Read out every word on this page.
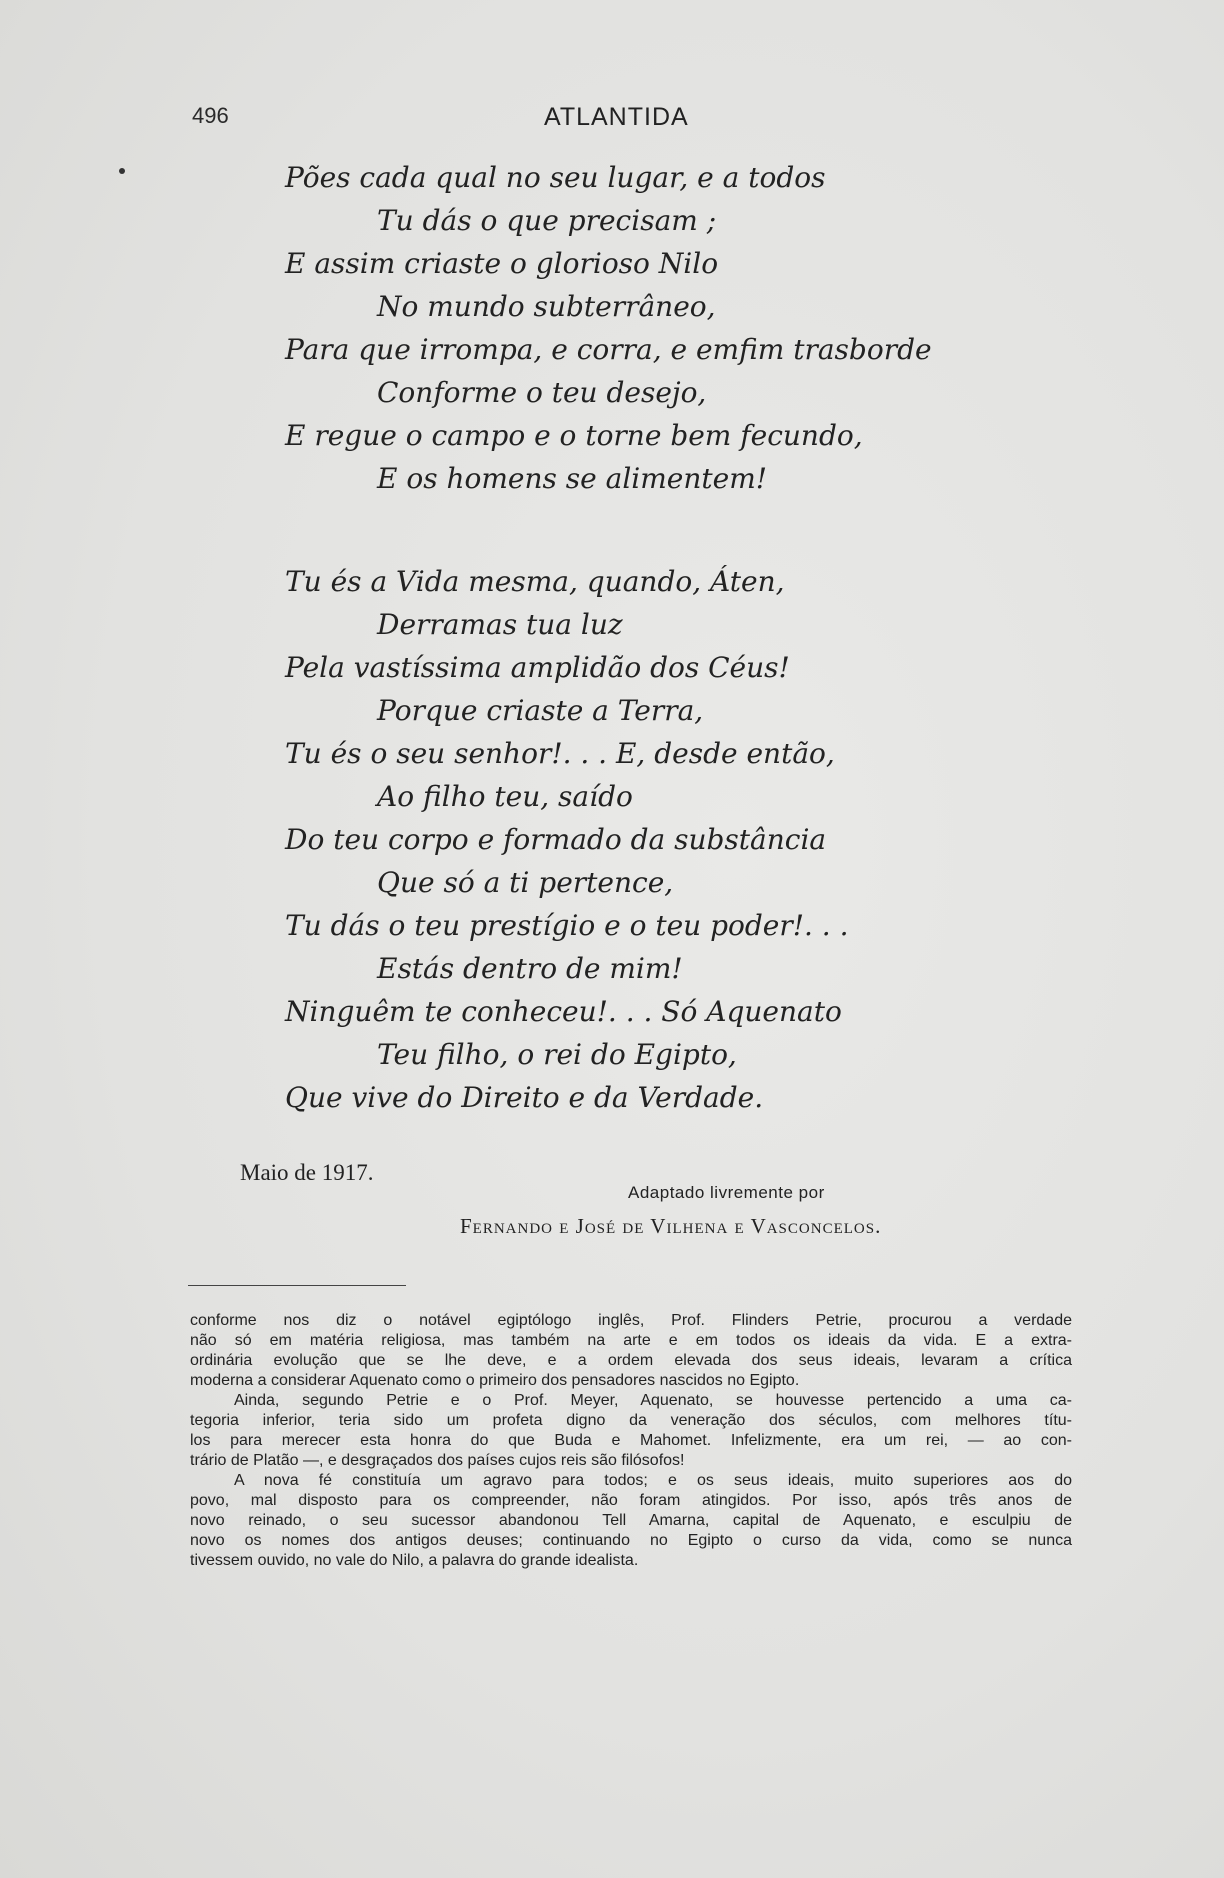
496	ATLANTIDA
Pões cada qual no seu lugar, e a todos
Tu dás o que precisam ;
E assim criaste o glorioso Nilo
No mundo subterrâneo,
Para que irrompa, e corra, e emfim trasborde
Conforme o teu desejo,
E regue o campo e o torne bem fecundo,
E os homens se alimentem!
Tu és a Vida mesma, quando, Áten,
Derramas tua luz
Pela vastíssima amplidão dos Céus!
Porque criaste a Terra,
Tu és o seu senhor!. . . E, desde então,
Ao filho teu, saído
Do teu corpo e formado da substância
Que só a ti pertence,
Tu dás o teu prestígio e o teu poder!. . .
Estás dentro de mim!
Ninguêm te conheceu!. . . Só Aquenato
Teu filho, o rei do Egipto,
Que vive do Direito e da Verdade.
Maio de 1917.
Adaptado livremente por
Fernando e José de Vilhena e Vasconcelos.
conforme nos diz o notável egiptólogo inglês, Prof. Flinders Petrie, procurou a verdade
não só em matéria religiosa, mas também na arte e em todos os ideais da vida. E a extra-
ordinária evolução que se lhe deve, e a ordem elevada dos seus ideais, levaram a crítica
moderna a considerar Aquenato como o primeiro dos pensadores nascidos no Egipto.
Ainda, segundo Petrie e o Prof. Meyer, Aquenato, se houvesse pertencido a uma ca-
tegoria inferior, teria sido um profeta digno da veneração dos séculos, com melhores títu-
los para merecer esta honra do que Buda e Mahomet. Infelizmente, era um rei, — ao con-
trário de Platão —, e desgraçados dos países cujos reis são filósofos!
A nova fé constituía um agravo para todos; e os seus ideais, muito superiores aos do
povo, mal disposto para os compreender, não foram atingidos. Por isso, após três anos de
novo reinado, o seu sucessor abandonou Tell Amarna, capital de Aquenato, e esculpiu de
novo os nomes dos antigos deuses; continuando no Egipto o curso da vida, como se nunca
tivessem ouvido, no vale do Nilo, a palavra do grande idealista.
